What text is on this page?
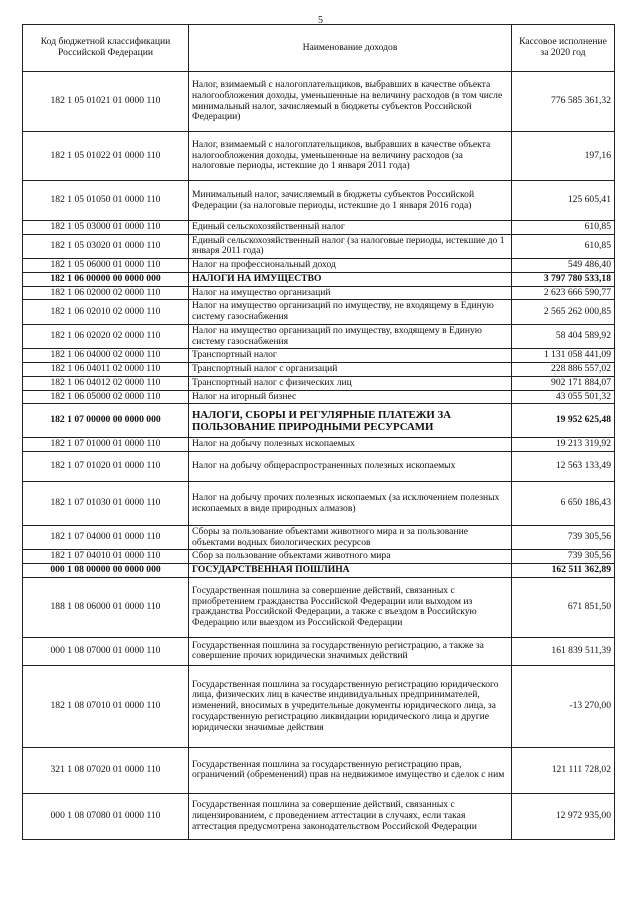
5
Код бюджетной классификации Российской Федерации	Наименование доходов	Кассовое исполнение за 2020 год
182 1 05 01021 01 0000 110	Налог, взимаемый с налогоплательщиков, выбравших в качестве объекта налогообложения доходы, уменьшенные на величину расходов (в том числе минимальный налог, зачисляемый в бюджеты субъектов Российской Федерации)	776 585 361,32
182 1 05 01022 01 0000 110	Налог, взимаемый с налогоплательщиков, выбравших в качестве объекта налогообложения доходы, уменьшенные на величину расходов (за налоговые периоды, истекшие до 1 января 2011 года)	197,16
182 1 05 01050 01 0000 110	Минимальный налог, зачисляемый в бюджеты субъектов Российской Федерации (за налоговые периоды, истекшие до 1 января 2016 года)	125 605,41
182 1 05 03000 01 0000 110	Единый сельскохозяйственный налог	610,85
182 1 05 03020 01 0000 110	Единый сельскохозяйственный налог (за налоговые периоды, истекшие до 1 января 2011 года)	610,85
182 1 05 06000 01 0000 110	Налог на профессиональный доход	549 486,40
182 1 06 00000 00 0000 000	НАЛОГИ НА ИМУЩЕСТВО	3 797 780 533,18
182 1 06 02000 02 0000 110	Налог на имущество организаций	2 623 666 590,77
182 1 06 02010 02 0000 110	Налог на имущество организаций по имуществу, не входящему в Единую систему газоснабжения	2 565 262 000,85
182 1 06 02020 02 0000 110	Налог на имущество организаций по имуществу, входящему в Единую систему газоснабжения	58 404 589,92
182 1 06 04000 02 0000 110	Транспортный налог	1 131 058 441,09
182 1 06 04011 02 0000 110	Транспортный налог с организаций	228 886 557,02
182 1 06 04012 02 0000 110	Транспортный налог с физических лиц	902 171 884,07
182 1 06 05000 02 0000 110	Налог на игорный бизнес	43 055 501,32
182 1 07 00000 00 0000 000	НАЛОГИ, СБОРЫ И РЕГУЛЯРНЫЕ ПЛАТЕЖИ ЗА ПОЛЬЗОВАНИЕ ПРИРОДНЫМИ РЕСУРСАМИ	19 952 625,48
182 1 07 01000 01 0000 110	Налог на добычу полезных ископаемых	19 213 319,92
182 1 07 01020 01 0000 110	Налог на добычу общераспространенных полезных ископаемых	12 563 133,49
182 1 07 01030 01 0000 110	Налог на добычу прочих полезных ископаемых (за исключением полезных ископаемых в виде природных алмазов)	6 650 186,43
182 1 07 04000 01 0000 110	Сборы за пользование объектами животного мира и за пользование объектами водных биологических ресурсов	739 305,56
182 1 07 04010 01 0000 110	Сбор за пользование объектами животного мира	739 305,56
000 1 08 00000 00 0000 000	ГОСУДАРСТВЕННАЯ ПОШЛИНА	162 511 362,89
188 1 08 06000 01 0000 110	Государственная пошлина за совершение действий, связанных с приобретением гражданства Российской Федерации или выходом из гражданства Российской Федерации, а также с въездом в Российскую Федерацию или выездом из Российской Федерации	671 851,50
000 1 08 07000 01 0000 110	Государственная пошлина за государственную регистрацию, а также за совершение прочих юридически значимых действий	161 839 511,39
182 1 08 07010 01 0000 110	Государственная пошлина за государственную регистрацию юридического лица, физических лиц в качестве индивидуальных предпринимателей, изменений, вносимых в учредительные документы юридического лица, за государственную регистрацию ликвидации юридического лица и другие юридически значимые действия	-13 270,00
321 1 08 07020 01 0000 110	Государственная пошлина за государственную регистрацию прав, ограничений (обременений) прав на недвижимое имущество и сделок с ним	121 111 728,02
000 1 08 07080 01 0000 110	Государственная пошлина за совершение действий, связанных с лицензированием, с проведением аттестации в случаях, если такая аттестация предусмотрена законодательством Российской Федерации	12 972 935,00
